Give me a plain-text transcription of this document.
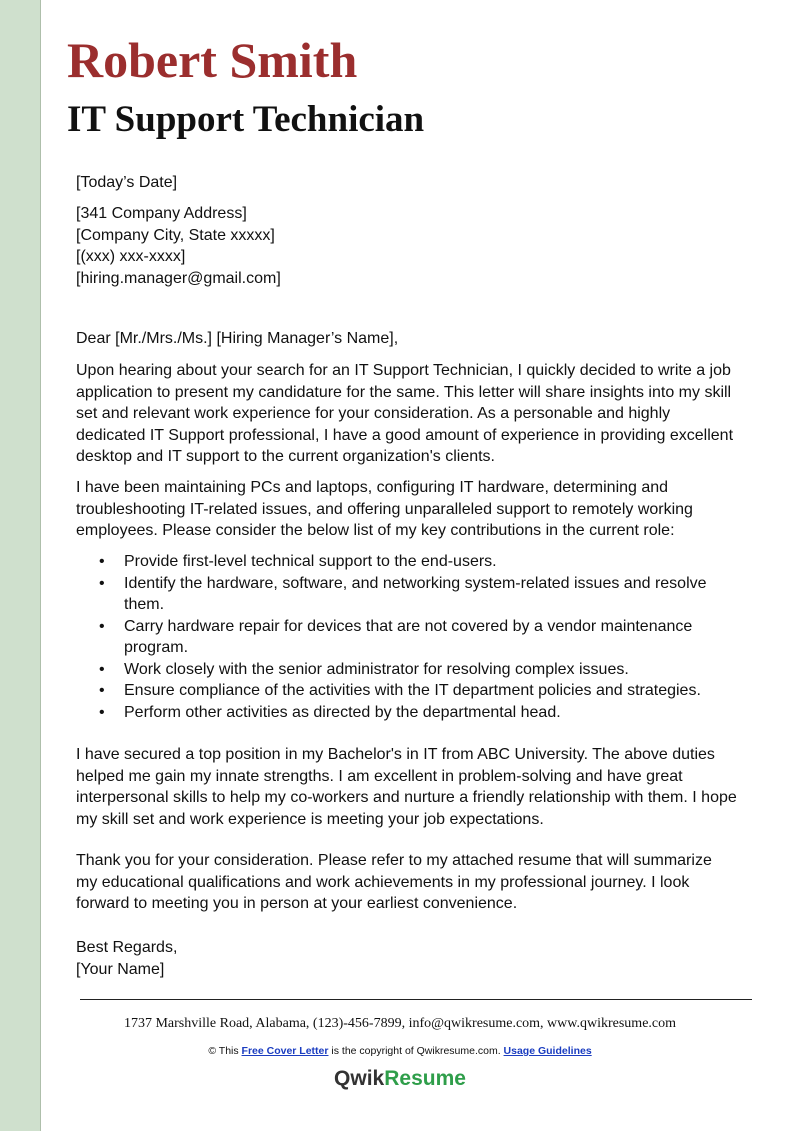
Robert Smith
IT Support Technician
[Today’s Date]
[341 Company Address]
[Company City, State xxxxx]
[(xxx) xxx-xxxx]
[hiring.manager@gmail.com]
Dear [Mr./Mrs./Ms.] [Hiring Manager’s Name],
Upon hearing about your search for an IT Support Technician, I quickly decided to write a job
application to present my candidature for the same. This letter will share insights into my skill
set and relevant work experience for your consideration. As a personable and highly
dedicated IT Support professional, I have a good amount of experience in providing excellent
desktop and IT support to the current organization's clients.
I have been maintaining PCs and laptops, configuring IT hardware, determining and
troubleshooting IT-related issues, and offering unparalleled support to remotely working
employees. Please consider the below list of my key contributions in the current role:
• Provide first-level technical support to the end-users.
• Identify the hardware, software, and networking system-related issues and resolve
them.
• Carry hardware repair for devices that are not covered by a vendor maintenance
program.
• Work closely with the senior administrator for resolving complex issues.
• Ensure compliance of the activities with the IT department policies and strategies.
• Perform other activities as directed by the departmental head.
I have secured a top position in my Bachelor's in IT from ABC University. The above duties
helped me gain my innate strengths. I am excellent in problem-solving and have great
interpersonal skills to help my co-workers and nurture a friendly relationship with them. I hope
my skill set and work experience is meeting your job expectations.
Thank you for your consideration. Please refer to my attached resume that will summarize
my educational qualifications and work achievements in my professional journey. I look
forward to meeting you in person at your earliest convenience.
Best Regards,
[Your Name]
1737 Marshville Road, Alabama, (123)-456-7899, info@qwikresume.com, www.qwikresume.com
© This Free Cover Letter is the copyright of Qwikresume.com. Usage Guidelines
QwikResume
